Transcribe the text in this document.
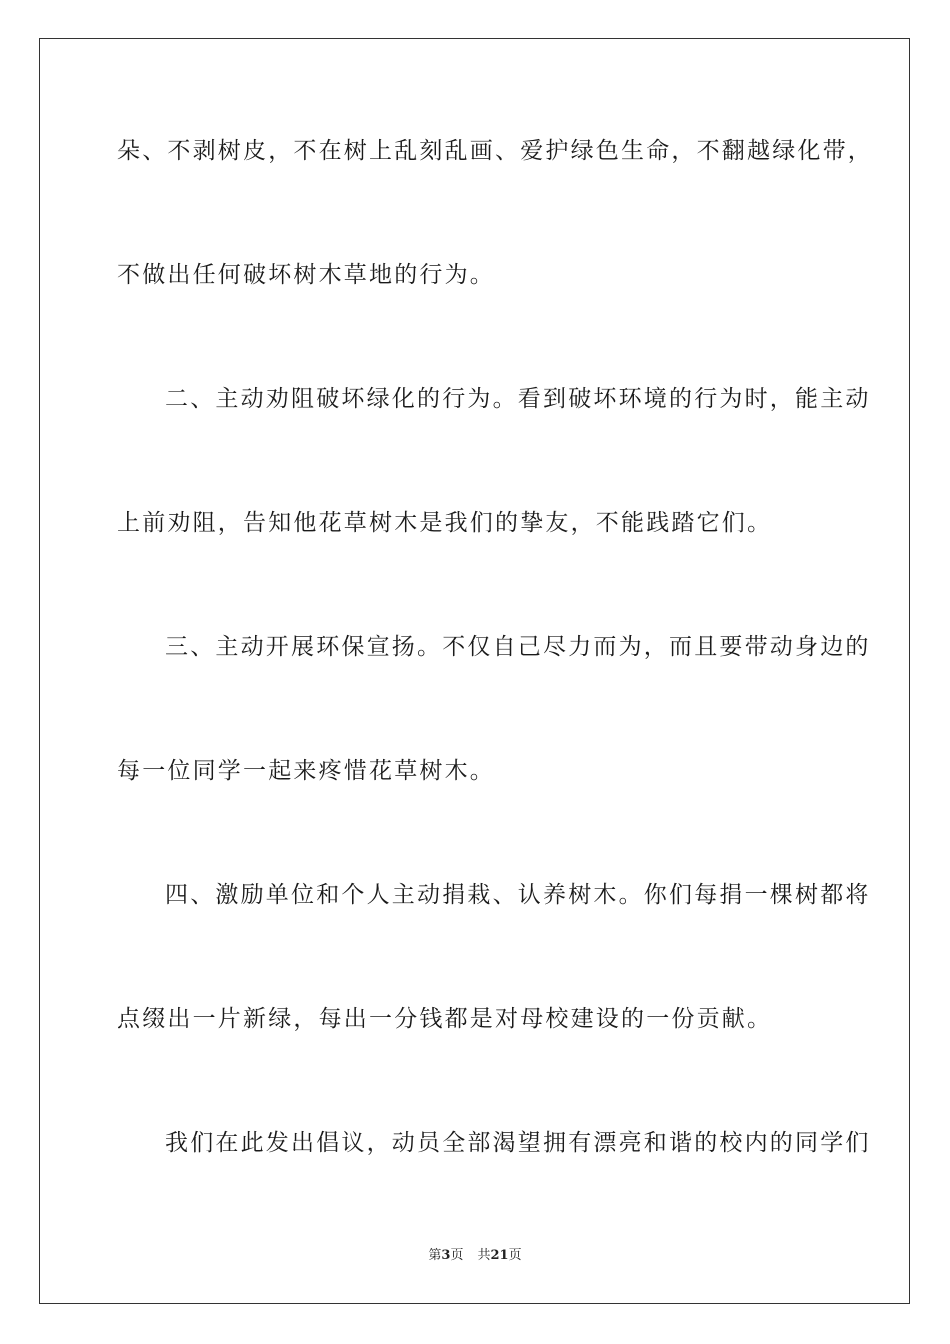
朵、不剥树皮，不在树上乱刻乱画、爱护绿色生命，不翻越绿化带，
不做出任何破坏树木草地的行为。
二、主动劝阻破坏绿化的行为。看到破坏环境的行为时，能主动
上前劝阻，告知他花草树木是我们的挚友，不能践踏它们。
三、主动开展环保宣扬。不仅自己尽力而为，而且要带动身边的
每一位同学一起来疼惜花草树木。
四、激励单位和个人主动捐栽、认养树木。你们每捐一棵树都将
点缀出一片新绿，每出一分钱都是对母校建设的一份贡献。
我们在此发出倡议，动员全部渴望拥有漂亮和谐的校内的同学们
第3页 共21页
